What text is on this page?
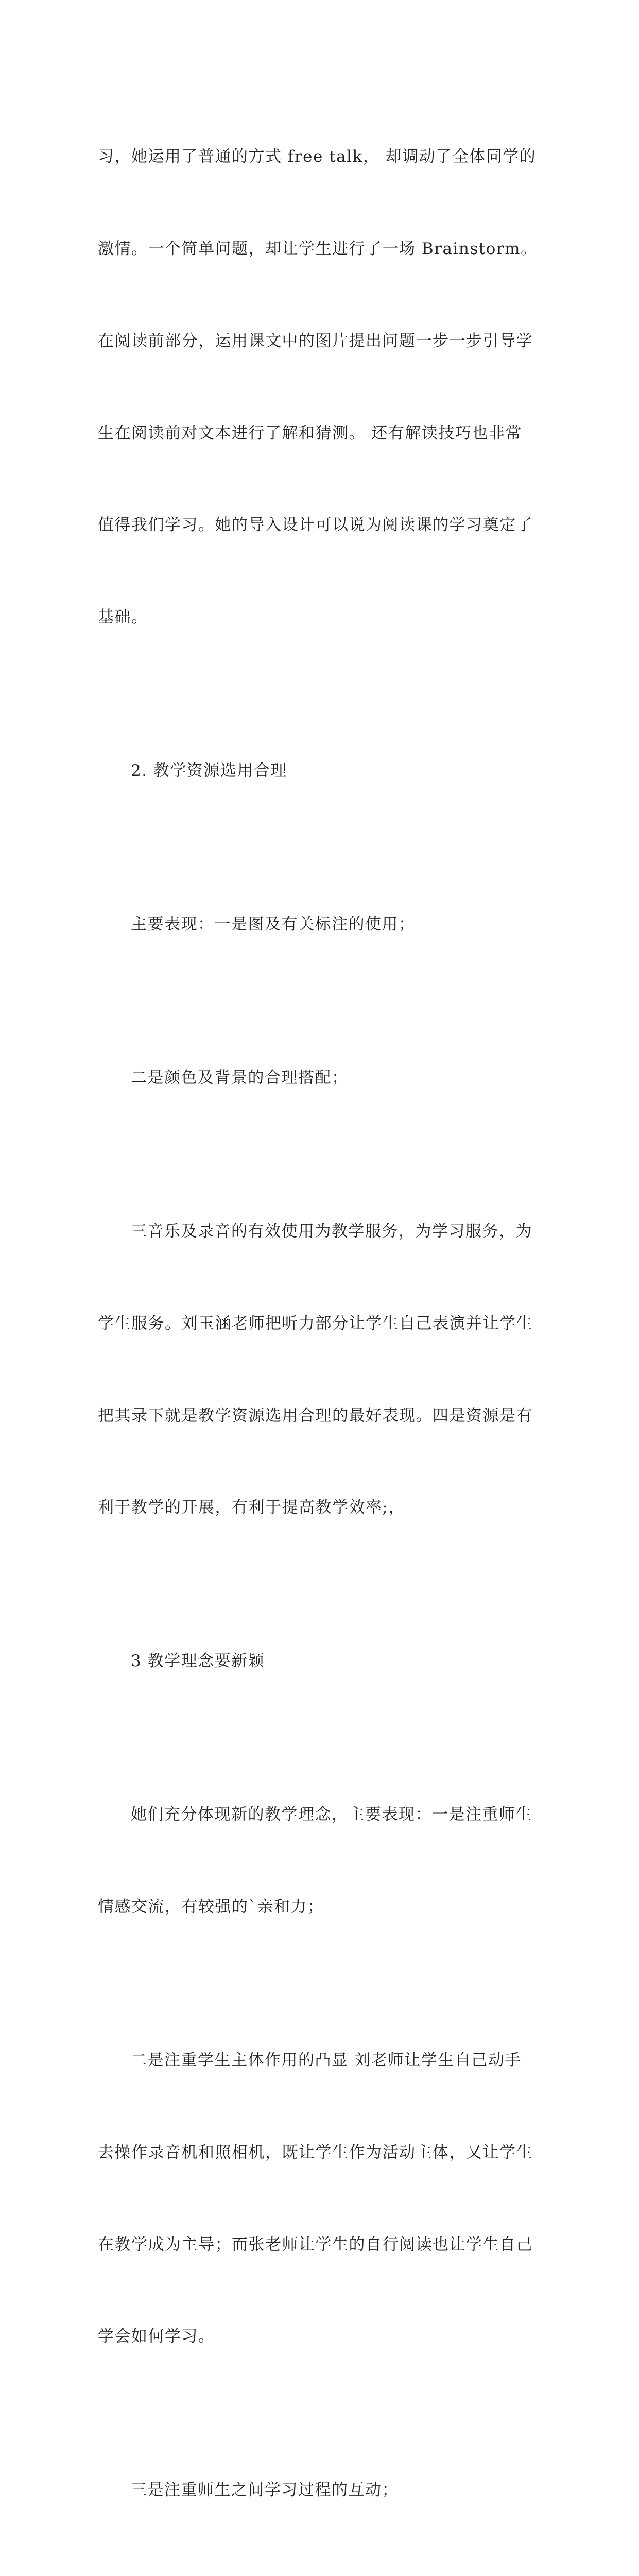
习，她运用了普通的方式 free talk， 却调动了全体同学的

激情。一个简单问题，却让学生进行了一场 Brainstorm。

在阅读前部分，运用课文中的图片提出问题一步一步引导学

生在阅读前对文本进行了解和猜测。 还有解读技巧也非常

值得我们学习。她的导入设计可以说为阅读课的学习奠定了

基础。

2. 教学资源选用合理

主要表现：一是图及有关标注的使用；

二是颜色及背景的合理搭配；

三音乐及录音的有效使用为教学服务，为学习服务，为

学生服务。刘玉涵老师把听力部分让学生自己表演并让学生

把其录下就是教学资源选用合理的最好表现。四是资源是有

利于教学的开展，有利于提高教学效率;，

3 教学理念要新颖

她们充分体现新的教学理念，主要表现：一是注重师生

情感交流，有较强的`亲和力；

二是注重学生主体作用的凸显 刘老师让学生自己动手

去操作录音机和照相机，既让学生作为活动主体，又让学生

在教学成为主导；而张老师让学生的自行阅读也让学生自己

学会如何学习。

三是注重师生之间学习过程的互动；
